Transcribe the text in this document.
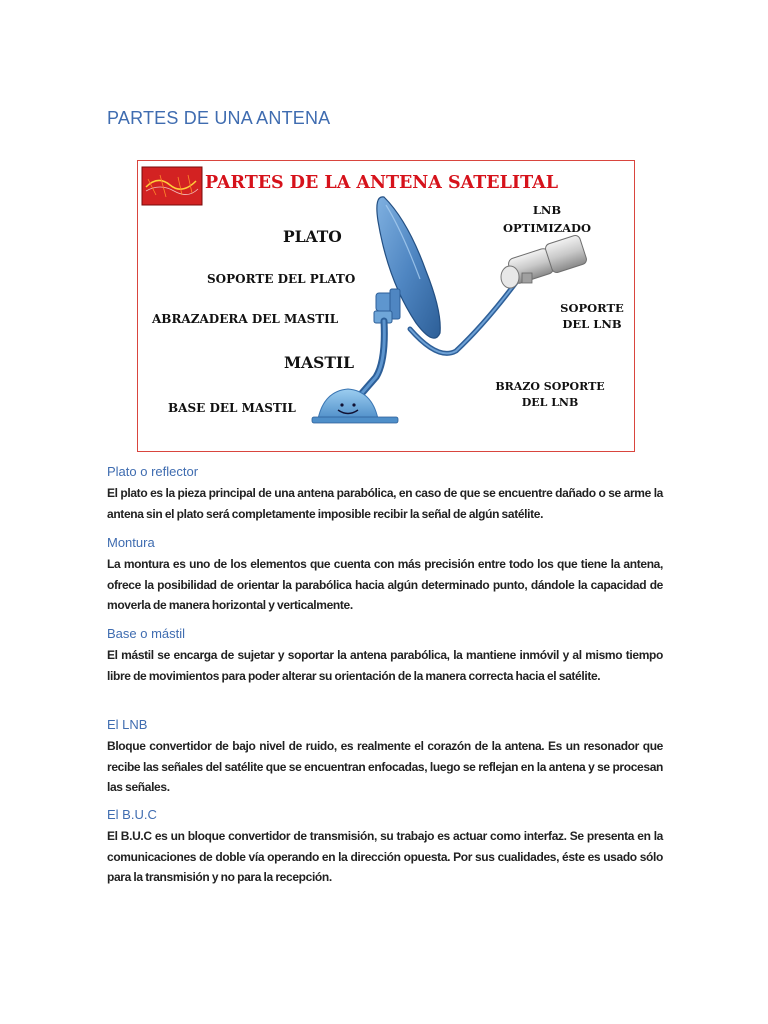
PARTES DE UNA ANTENA
PARTES DE LA ANTENA SATELITAL
PLATO
SOPORTE DEL PLATO
ABRAZADERA DEL MASTIL
MASTIL
BASE DEL MASTIL
LNB
OPTIMIZADO
SOPORTE
DEL LNB
BRAZO SOPORTE
DEL LNB
Plato o reflector

El plato es la pieza principal de una antena parabólica, en caso de que se encuentre dañado o se arme la antena sin el plato será completamente imposible recibir la señal de algún satélite.

Montura

La montura es uno de los elementos que cuenta con más precisión entre todo los que tiene la antena, ofrece la posibilidad de orientar la parabólica hacia algún determinado punto, dándole la capacidad de moverla de manera horizontal y verticalmente.

Base o mástil

El mástil se encarga de sujetar y soportar la antena parabólica, la mantiene inmóvil y al mismo tiempo libre de movimientos para poder alterar su orientación de la manera correcta hacia el satélite.

El LNB

Bloque convertidor de bajo nivel de ruido, es realmente el corazón de la antena. Es un resonador que recibe las señales del satélite que se encuentran enfocadas, luego se reflejan en la antena y se procesan las señales.

El B.U.C

El B.U.C es un bloque convertidor de transmisión, su trabajo es actuar como interfaz. Se presenta en la comunicaciones de doble vía operando en la dirección opuesta. Por sus cualidades, éste es usado sólo para la transmisión y no para la recepción.
